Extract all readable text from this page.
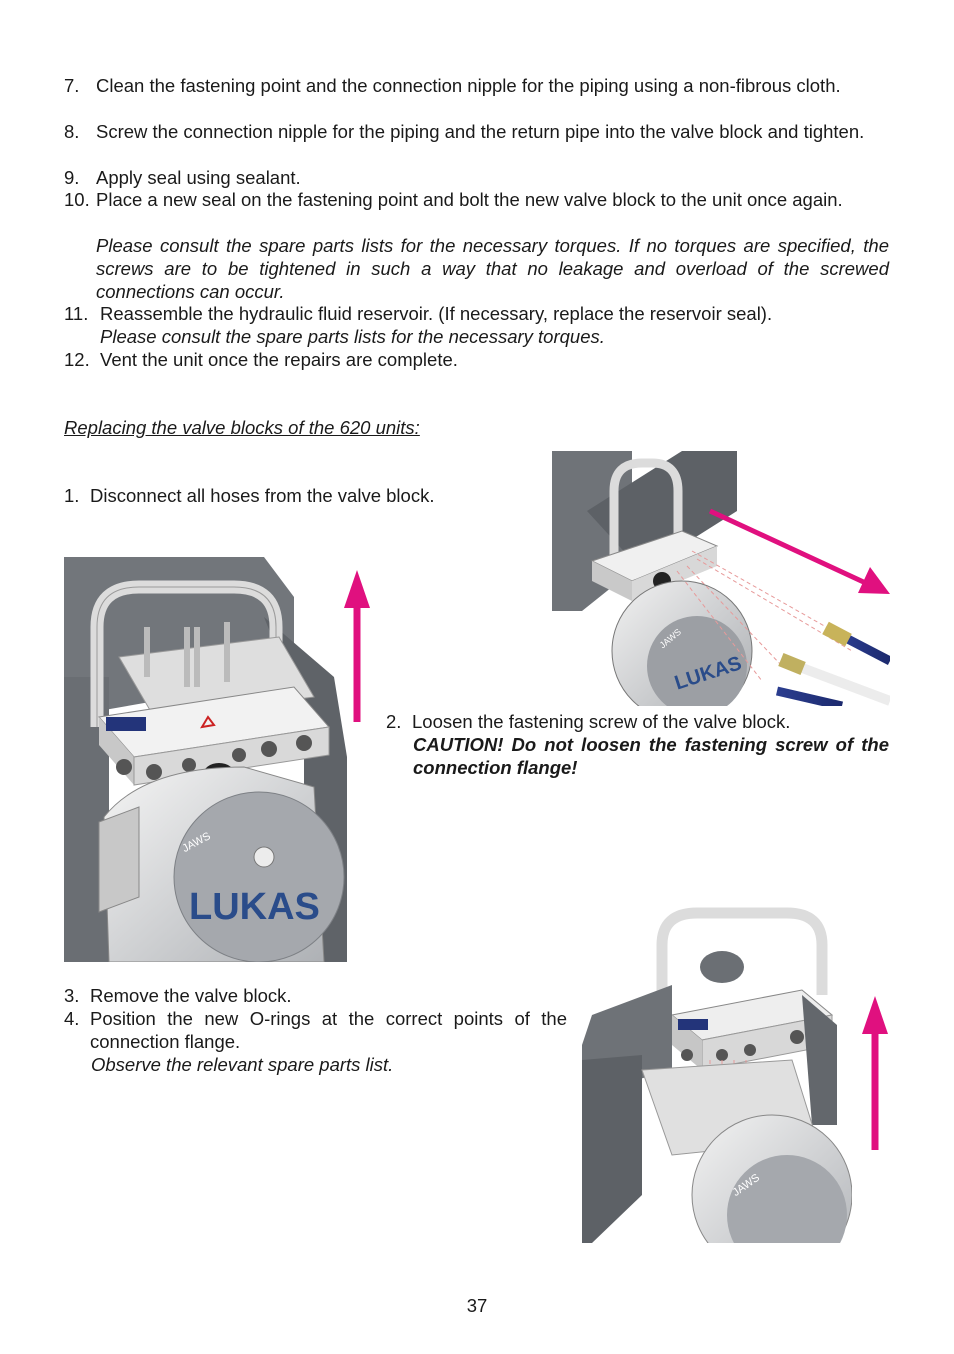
7. Clean the fastening point and the connection nipple for the piping using a non-fibrous cloth.
8. Screw the connection nipple for the piping and the return pipe into the valve block and tighten.
9. Apply seal using sealant.
10. Place a new seal on the fastening point and bolt the new valve block to the unit once again.
Please consult the spare parts lists for the necessary torques. If no torques are specified, the screws are to be tightened in such a way that no leakage and overload of the screwed connections can occur.
11. Reassemble the hydraulic fluid reservoir. (If necessary, replace the reservoir seal).
Please consult the spare parts lists for the necessary torques.
12. Vent the unit once the repairs are complete.
Replacing the valve blocks of the 620 units:
1. Disconnect all hoses from the valve block.
2. Loosen the fastening screw of the valve block.
CAUTION! Do not loosen the fastening screw of the connection flange!
3. Remove the valve block.
4. Position the new O-rings at the correct points of the connection flange.
Observe the relevant spare parts list.
LUKAS
JAWS
LUKAS
JAWS
JAWS
37
